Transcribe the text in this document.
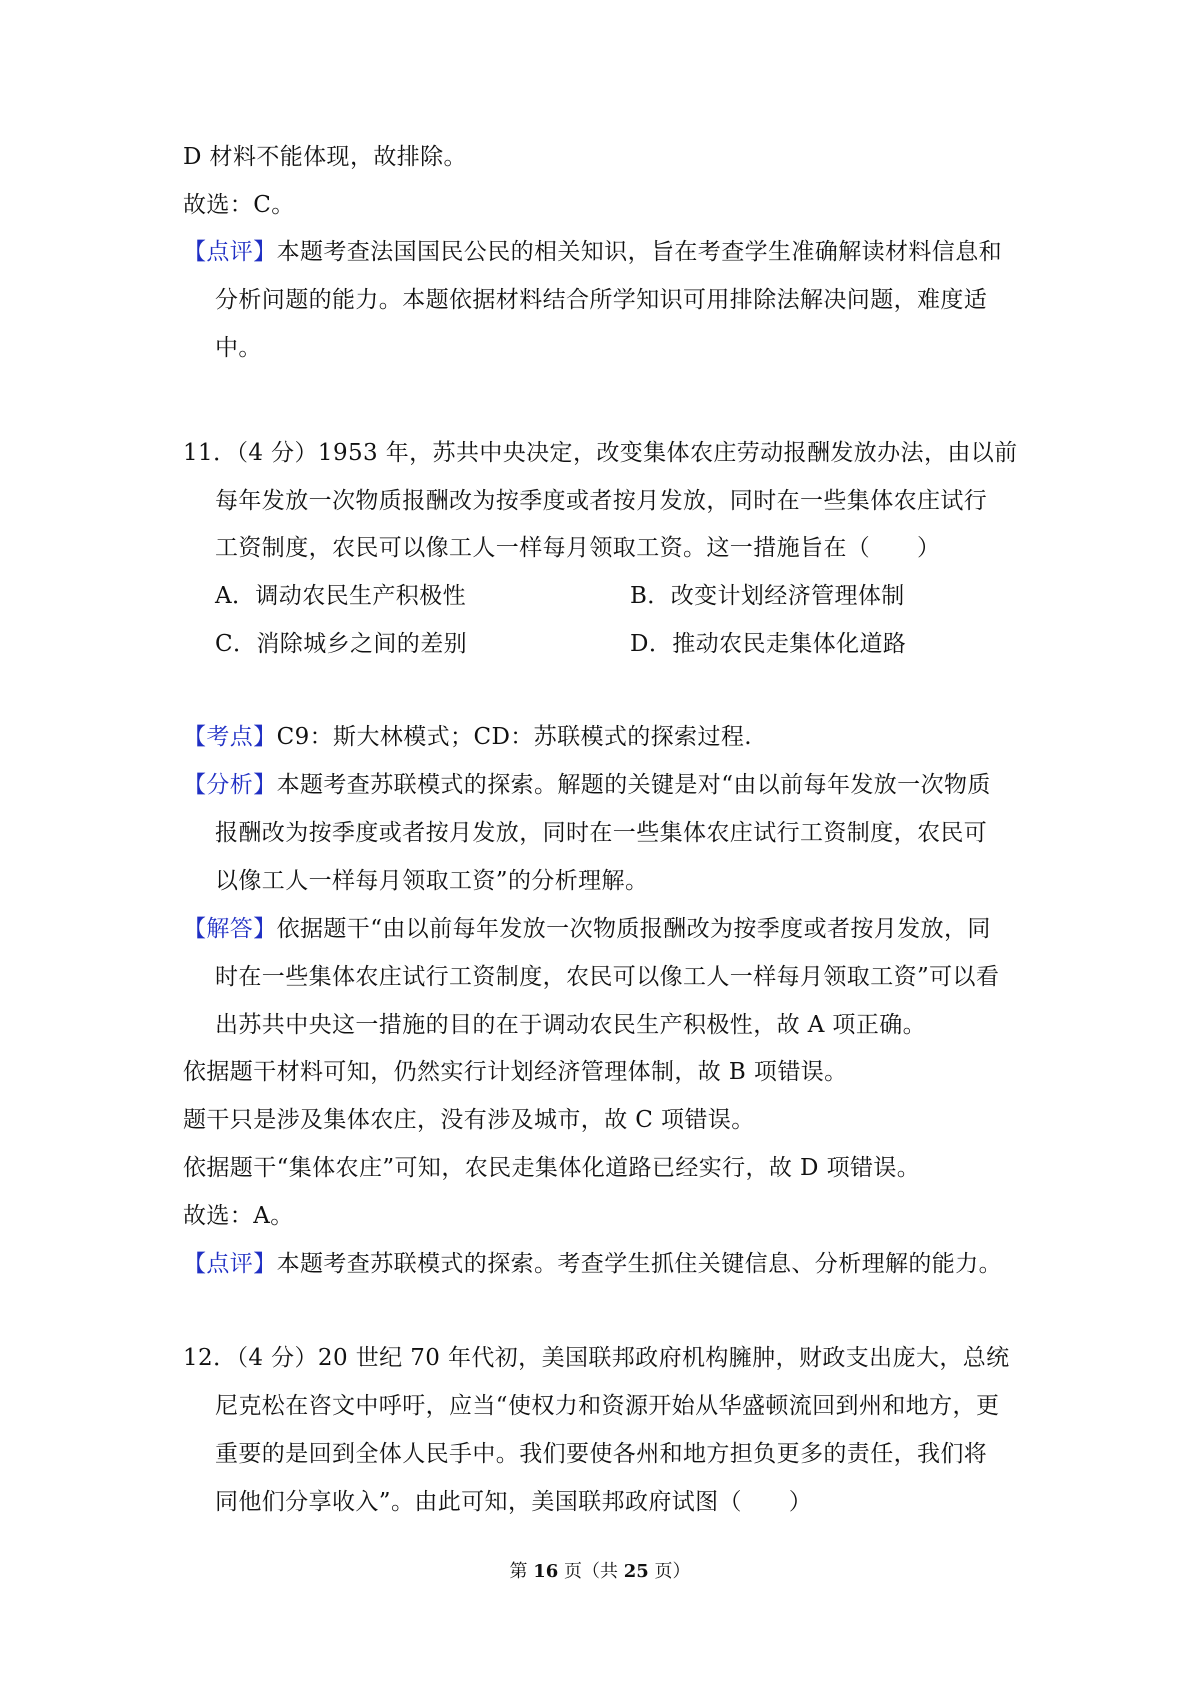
D 材料不能体现，故排除。
故选：C。
【点评】本题考查法国国民公民的相关知识，旨在考查学生准确解读材料信息和
分析问题的能力。本题依据材料结合所学知识可用排除法解决问题，难度适
中。
11．（4 分）1953 年，苏共中央决定，改变集体农庄劳动报酬发放办法，由以前
每年发放一次物质报酬改为按季度或者按月发放，同时在一些集体农庄试行
工资制度，农民可以像工人一样每月领取工资。这一措施旨在（　　）
A．调动农民生产积极性	B．改变计划经济管理体制
C．消除城乡之间的差别	D．推动农民走集体化道路
【考点】C9：斯大林模式；CD：苏联模式的探索过程.
【分析】本题考查苏联模式的探索。解题的关键是对“由以前每年发放一次物质
报酬改为按季度或者按月发放，同时在一些集体农庄试行工资制度，农民可
以像工人一样每月领取工资”的分析理解。
【解答】依据题干“由以前每年发放一次物质报酬改为按季度或者按月发放，同
时在一些集体农庄试行工资制度，农民可以像工人一样每月领取工资”可以看
出苏共中央这一措施的目的在于调动农民生产积极性，故 A 项正确。
依据题干材料可知，仍然实行计划经济管理体制，故 B 项错误。
题干只是涉及集体农庄，没有涉及城市，故 C 项错误。
依据题干“集体农庄”可知，农民走集体化道路已经实行，故 D 项错误。
故选：A。
【点评】本题考查苏联模式的探索。考查学生抓住关键信息、分析理解的能力。
12．（4 分）20 世纪 70 年代初，美国联邦政府机构臃肿，财政支出庞大，总统
尼克松在咨文中呼吁，应当“使权力和资源开始从华盛顿流回到州和地方，更
重要的是回到全体人民手中。我们要使各州和地方担负更多的责任，我们将
同他们分享收入”。由此可知，美国联邦政府试图（　　）
第 16 页（共 25 页）
